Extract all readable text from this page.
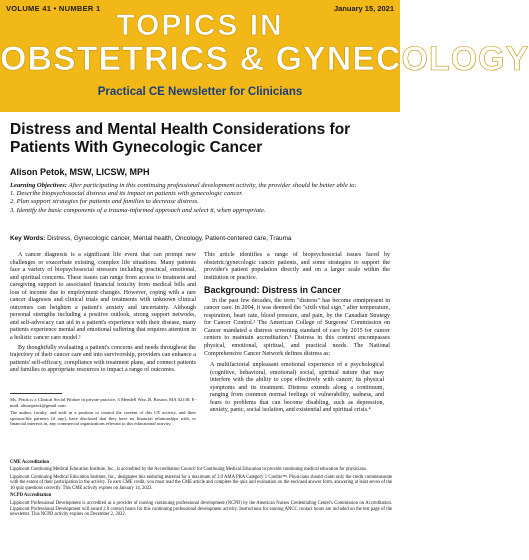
VOLUME 41 • NUMBER 1	January 15, 2021
TOPICS IN
OBSTETRICS & GYNECOLOGY
Practical CE Newsletter for Clinicians
Distress and Mental Health Considerations for Patients With Gynecologic Cancer
Alison Petok, MSW, LICSW, MPH
Learning Objectives: After participating in this continuing professional development activity, the provider should be better able to:
1. Describe biopsychosocial distress and its impact on patients with gynecologic cancer.
2. Plan support strategies for patients and families to decrease distress.
3. Identify the basic components of a trauma-informed approach and select it, when appropriate.
Key Words: Distress, Gynecologic cancer, Mental health, Oncology, Patient-centered care, Trauma

A cancer diagnosis is a significant life event that can prompt new challenges or exacerbate existing, complex life situations. Many patients face a variety of biopsychosocial stressors including practical, emotional, and spiritual concerns. These issues can range from access to treatment and caregiving support to associated financial toxicity from medical bills and loss of income due to employment changes. However, coping with a rare cancer diagnosis and clinical trials and treatments with unknown clinical outcomes can heighten a patient's anxiety and uncertainty. Although personal strengths including a positive outlook, strong support networks, and self-advocacy can aid in a patient's experience with their disease, many patients experience mental and emotional suffering that requires attention in a holistic cancer care model.¹

By thoughtfully evaluating a patient's concerns and needs throughout the trajectory of their cancer care and into survivorship, providers can enhance a patients' self-efficacy, compliance with treatment plans, and connect patients and families to appropriate resources to impact a range of outcomes.

Ms. Petok is a Clinical Social Worker in private practice, 3 Mendell Way–B, Boston, MA 02130; E-mail: alisonpetok@gmail.com.

The author, faculty, and staff in a position to control the content of this CE activity, and their spouses/life partners (if any), have disclosed that they have no financial relationships with, or financial interests in, any commercial organizations relevant to this educational activity.

This article identifies a range of biopsychosocial issues faced by obstetric/gynecologic cancer patients, and some strategies to support the provider's patient population directly and on a larger scale within the institution or practice.

Background: Distress in Cancer

In the past few decades, the term "distress" has become omnipresent in cancer care. In 2004, it was deemed the "sixth vital sign," after temperature, respiration, heart rate, blood pressure, and pain, by the Canadian Strategy for Cancer Control.² The American College of Surgeons' Commission on Cancer mandated a distress screening standard of care by 2015 for cancer centers to maintain accreditation.³ Distress in this context encompasses physical, emotional, spiritual, and practical needs. The National Comprehensive Cancer Network defines distress as:

A multifactorial unpleasant emotional experience of a psychological (cognitive, behavioral, emotional) social, spiritual nature that may interfere with the ability to cope effectively with cancer, its physical symptoms and its treatment. Distress extends along a continuum, ranging from common normal feelings of vulnerability, sadness, and fears to problems that can become disabling, such as depression, anxiety, panic, social isolation, and existential and spiritual crisis.⁴

CME Accreditation

Lippincott Continuing Medical Education Institute, Inc., is accredited by the Accreditation Council for Continuing Medical Education to provide continuing medical education for physicians.

Lippincott Continuing Medical Education Institute, Inc., designates this enduring material for a maximum of 2.0 AMA PRA Category 1 Credits™. Physicians should claim only the credit commensurate with the extent of their participation in the activity. To earn CME credit, you must read the CME article and complete the quiz and evaluation on the enclosed answer form, answering at least seven of the 10 quiz questions correctly. This CME activity expires on January 14, 2023.

NCPD Accreditation

Lippincott Professional Development is accredited as a provider of nursing continuing professional development (NCPD) by the American Nurses Credentialing Center's Commission on Accreditation. Lippincott Professional Development will award 2.0 contact hours for this continuing professional development activity. Instructions for earning ANCC contact hours are included on the test page of the newsletter. This NCPD activity expires on December 2, 2022.
